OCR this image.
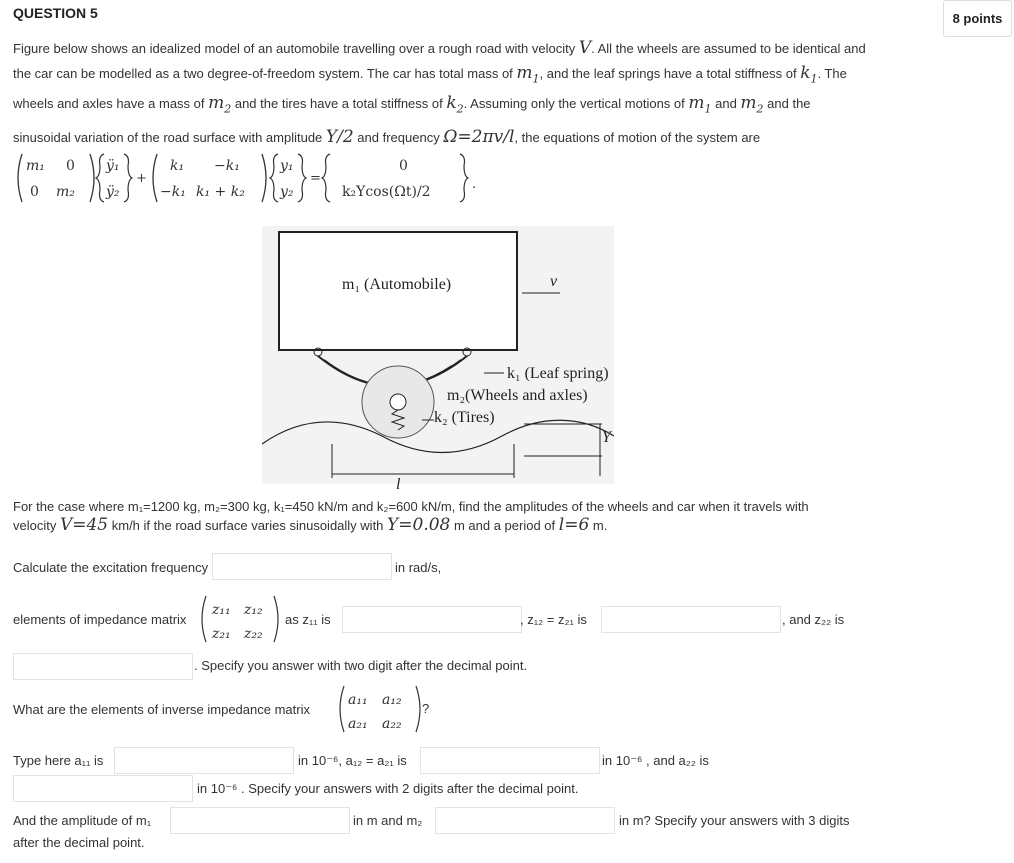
QUESTION 5	8 points
Figure below shows an idealized model of an automobile travelling over a rough road with velocity V. All the wheels are assumed to be identical and
the car can be modelled as a two degree-of-freedom system. The car has total mass of $m_1$, and the leaf springs have a total stiffness of $k_1$. The
wheels and axles have a mass of $m_2$ and the tires have a total stiffness of $k_2$. Assuming only the vertical motions of $m_1$ and $m_2$ and the
sinusoidal variation of the road surface with amplitude Y/2 and frequency Ω=2πv/l, the equations of motion of the system are
m₁ 0
0 m₂
ÿ₁
ÿ₂
+
k₁ −k₁
−k₁ k₁ + k₂
y₁
y₂
=
0
k₂Ycos(Ωt)/2	.
m₁ (Automobile)	v
k₁ (Leaf spring)
m₂(Wheels and axles)
k₂ (Tires)
Y
l
For the case where m₁=1200 kg, m₂=300 kg, k₁=450 kN/m and k₂=600 kN/m, find the amplitudes of the wheels and car when it travels with
velocity V=45 km/h if the road surface varies sinusoidally with Y=0.08 m and a period of l=6 m.
Calculate the excitation frequency	in rad/s,
elements of impedance matrix
z₁₁ z₁₂
z₂₁ z₂₂
as z₁₁ is	, z₁₂ = z₂₁ is	, and z₂₂ is
. Specify you answer with two digit after the decimal point.
What are the elements of inverse impedance matrix
a₁₁ a₁₂
a₂₁ a₂₂
?
Type here a₁₁ is	in 10⁻⁶, a₁₂ = a₂₁ is	in 10⁻⁶ , and a₂₂ is
in 10⁻⁶ . Specify your answers with 2 digits after the decimal point.
And the amplitude of m₁	in m and m₂	in m? Specify your answers with 3 digits
after the decimal point.
